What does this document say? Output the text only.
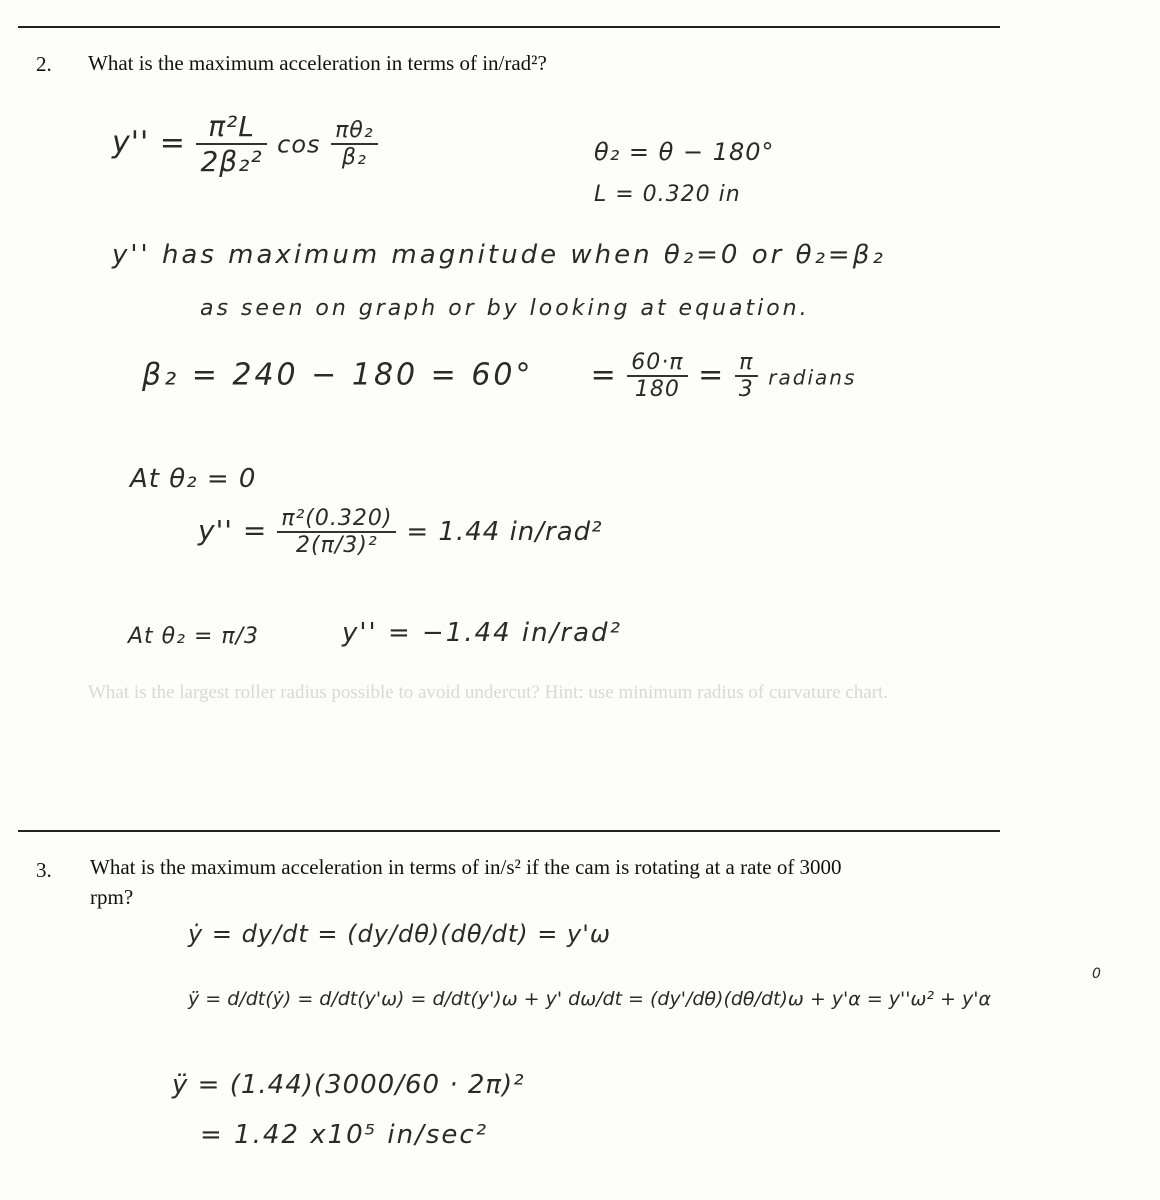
What is the largest roller radius possible to avoid undercut? Hint: use minimum radius of curvature chart.
2. What is the maximum acceleration in terms of in/rad²?
$y'' = \frac{\text{π²L}}{\text{2β₂²}}$ $\cos \frac{\text{πθ₂}}{\text{β₂}}$	θ₂ = θ − 180°
L = 0.320 in
y'' has maximum magnitude when θ₂=0 or θ₂=β₂
as seen on graph or by looking at equation.
$\beta_2 = 240 - 180 = 60^\circ = \frac{60\cdot\pi}{180} = \frac{\pi}{3}$ radians
At θ₂ = 0
$y'' = \frac{\text{π²(0.320)}}{\text{2(π/3)²}} = 1.44$ in/rad²
At θ₂ = π/3	y'' = −1.44 in/rad²
3. What is the maximum acceleration in terms of in/s² if the cam is rotating at a rate of 3000
rpm?
ẏ = dy/dt = (dy/dθ)(dθ/dt) = y'ω
ÿ = d/dt(ẏ) = d/dt(y'ω) = d/dt(y')ω + y' dω/dt = (dy'/dθ)(dθ/dt)ω + y'α = y''ω² + y'α
0
ÿ = (1.44)(3000/60 · 2π)²
= 1.42 x10⁵ in/sec²
